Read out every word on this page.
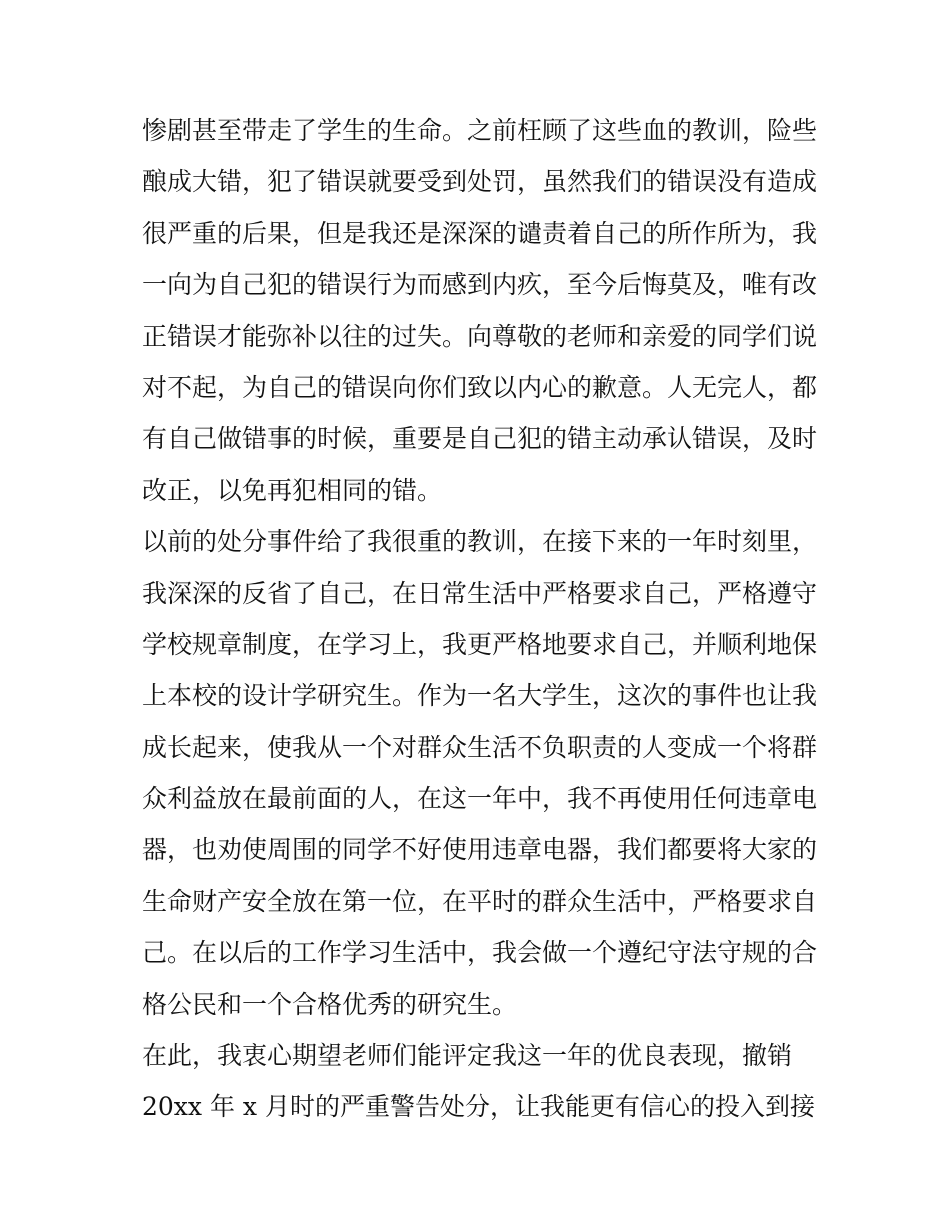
惨剧甚至带走了学生的生命。之前枉顾了这些血的教训，险些
酿成大错，犯了错误就要受到处罚，虽然我们的错误没有造成
很严重的后果，但是我还是深深的谴责着自己的所作所为，我
一向为自己犯的错误行为而感到内疚，至今后悔莫及，唯有改
正错误才能弥补以往的过失。向尊敬的老师和亲爱的同学们说
对不起，为自己的错误向你们致以内心的歉意。人无完人，都
有自己做错事的时候，重要是自己犯的错主动承认错误，及时
改正，以免再犯相同的错。
以前的处分事件给了我很重的教训，在接下来的一年时刻里，
我深深的反省了自己，在日常生活中严格要求自己，严格遵守
学校规章制度，在学习上，我更严格地要求自己，并顺利地保
上本校的设计学研究生。作为一名大学生，这次的事件也让我
成长起来，使我从一个对群众生活不负职责的人变成一个将群
众利益放在最前面的人，在这一年中，我不再使用任何违章电
器，也劝使周围的同学不好使用违章电器，我们都要将大家的
生命财产安全放在第一位，在平时的群众生活中，严格要求自
己。在以后的工作学习生活中，我会做一个遵纪守法守规的合
格公民和一个合格优秀的研究生。
在此，我衷心期望老师们能评定我这一年的优良表现，撤销
20xx 年 x 月时的严重警告处分，让我能更有信心的投入到接
